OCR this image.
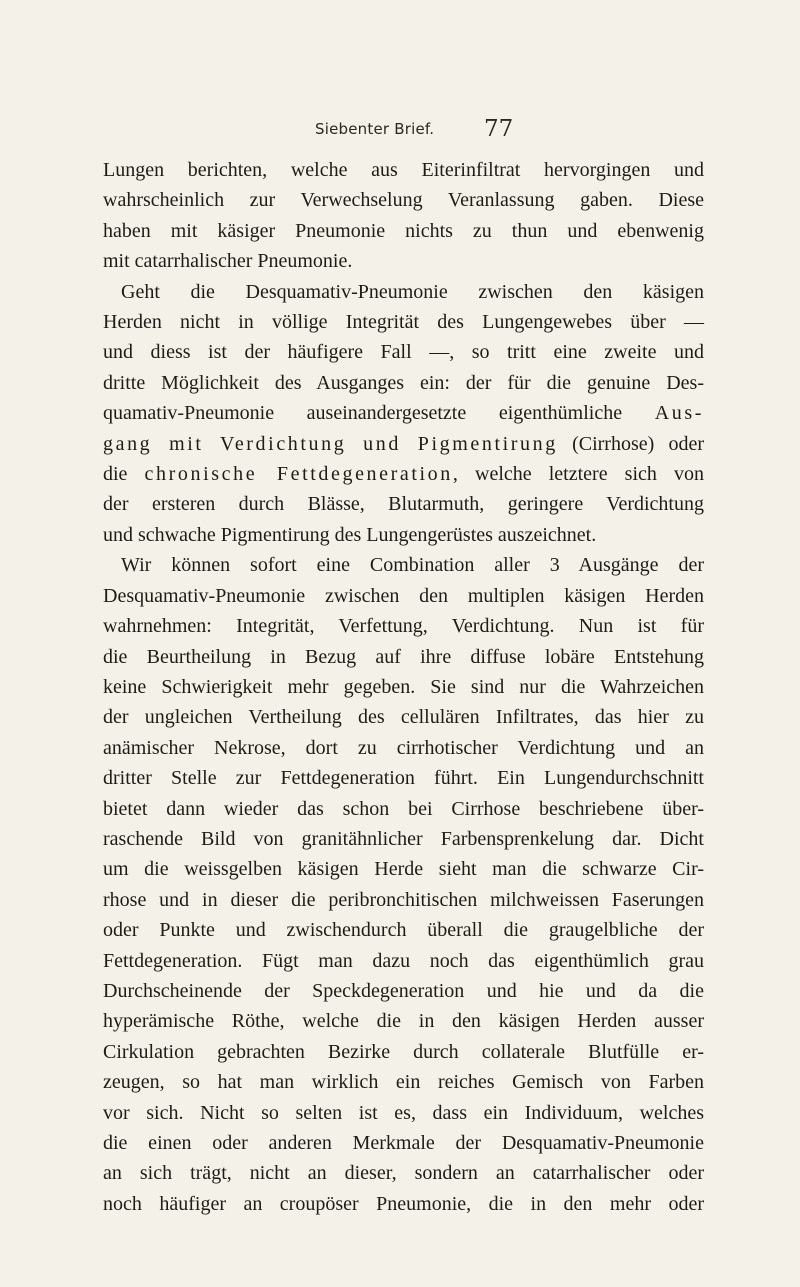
Siebenter Brief. 77

Lungen berichten, welche aus Eiterinfiltrat hervorgingen und

wahrscheinlich zur Verwechselung Veranlassung gaben. Diese

haben mit käsiger Pneumonie nichts zu thun und ebenwenig

mit catarrhalischer Pneumonie.

Geht die Desquamativ-Pneumonie zwischen den käsigen

Herden nicht in völlige Integrität des Lungengewebes über —

und diess ist der häufigere Fall —, so tritt eine zweite und

dritte Möglichkeit des Ausganges ein: der für die genuine Des-

quamativ-Pneumonie auseinandergesetzte eigenthümliche Aus-

gang mit Verdichtung und Pigmentirung (Cirrhose) oder

die chronische Fettdegeneration, welche letztere sich von

der ersteren durch Blässe, Blutarmuth, geringere Verdichtung

und schwache Pigmentirung des Lungengerüstes auszeichnet.

Wir können sofort eine Combination aller 3 Ausgänge der

Desquamativ-Pneumonie zwischen den multiplen käsigen Herden

wahrnehmen: Integrität, Verfettung, Verdichtung. Nun ist für

die Beurtheilung in Bezug auf ihre diffuse lobäre Entstehung

keine Schwierigkeit mehr gegeben. Sie sind nur die Wahrzeichen

der ungleichen Vertheilung des cellulären Infiltrates, das hier zu

anämischer Nekrose, dort zu cirrhotischer Verdichtung und an

dritter Stelle zur Fettdegeneration führt. Ein Lungendurchschnitt

bietet dann wieder das schon bei Cirrhose beschriebene über-

raschende Bild von granitähnlicher Farbensprenkelung dar. Dicht

um die weissgelben käsigen Herde sieht man die schwarze Cir-

rhose und in dieser die peribronchitischen milchweissen Faserungen

oder Punkte und zwischendurch überall die graugelbliche der

Fettdegeneration. Fügt man dazu noch das eigenthümlich grau

Durchscheinende der Speckdegeneration und hie und da die

hyperämische Röthe, welche die in den käsigen Herden ausser

Cirkulation gebrachten Bezirke durch collaterale Blutfülle er-

zeugen, so hat man wirklich ein reiches Gemisch von Farben

vor sich. Nicht so selten ist es, dass ein Individuum, welches

die einen oder anderen Merkmale der Desquamativ-Pneumonie

an sich trägt, nicht an dieser, sondern an catarrhalischer oder

noch häufiger an croupöser Pneumonie, die in den mehr oder
